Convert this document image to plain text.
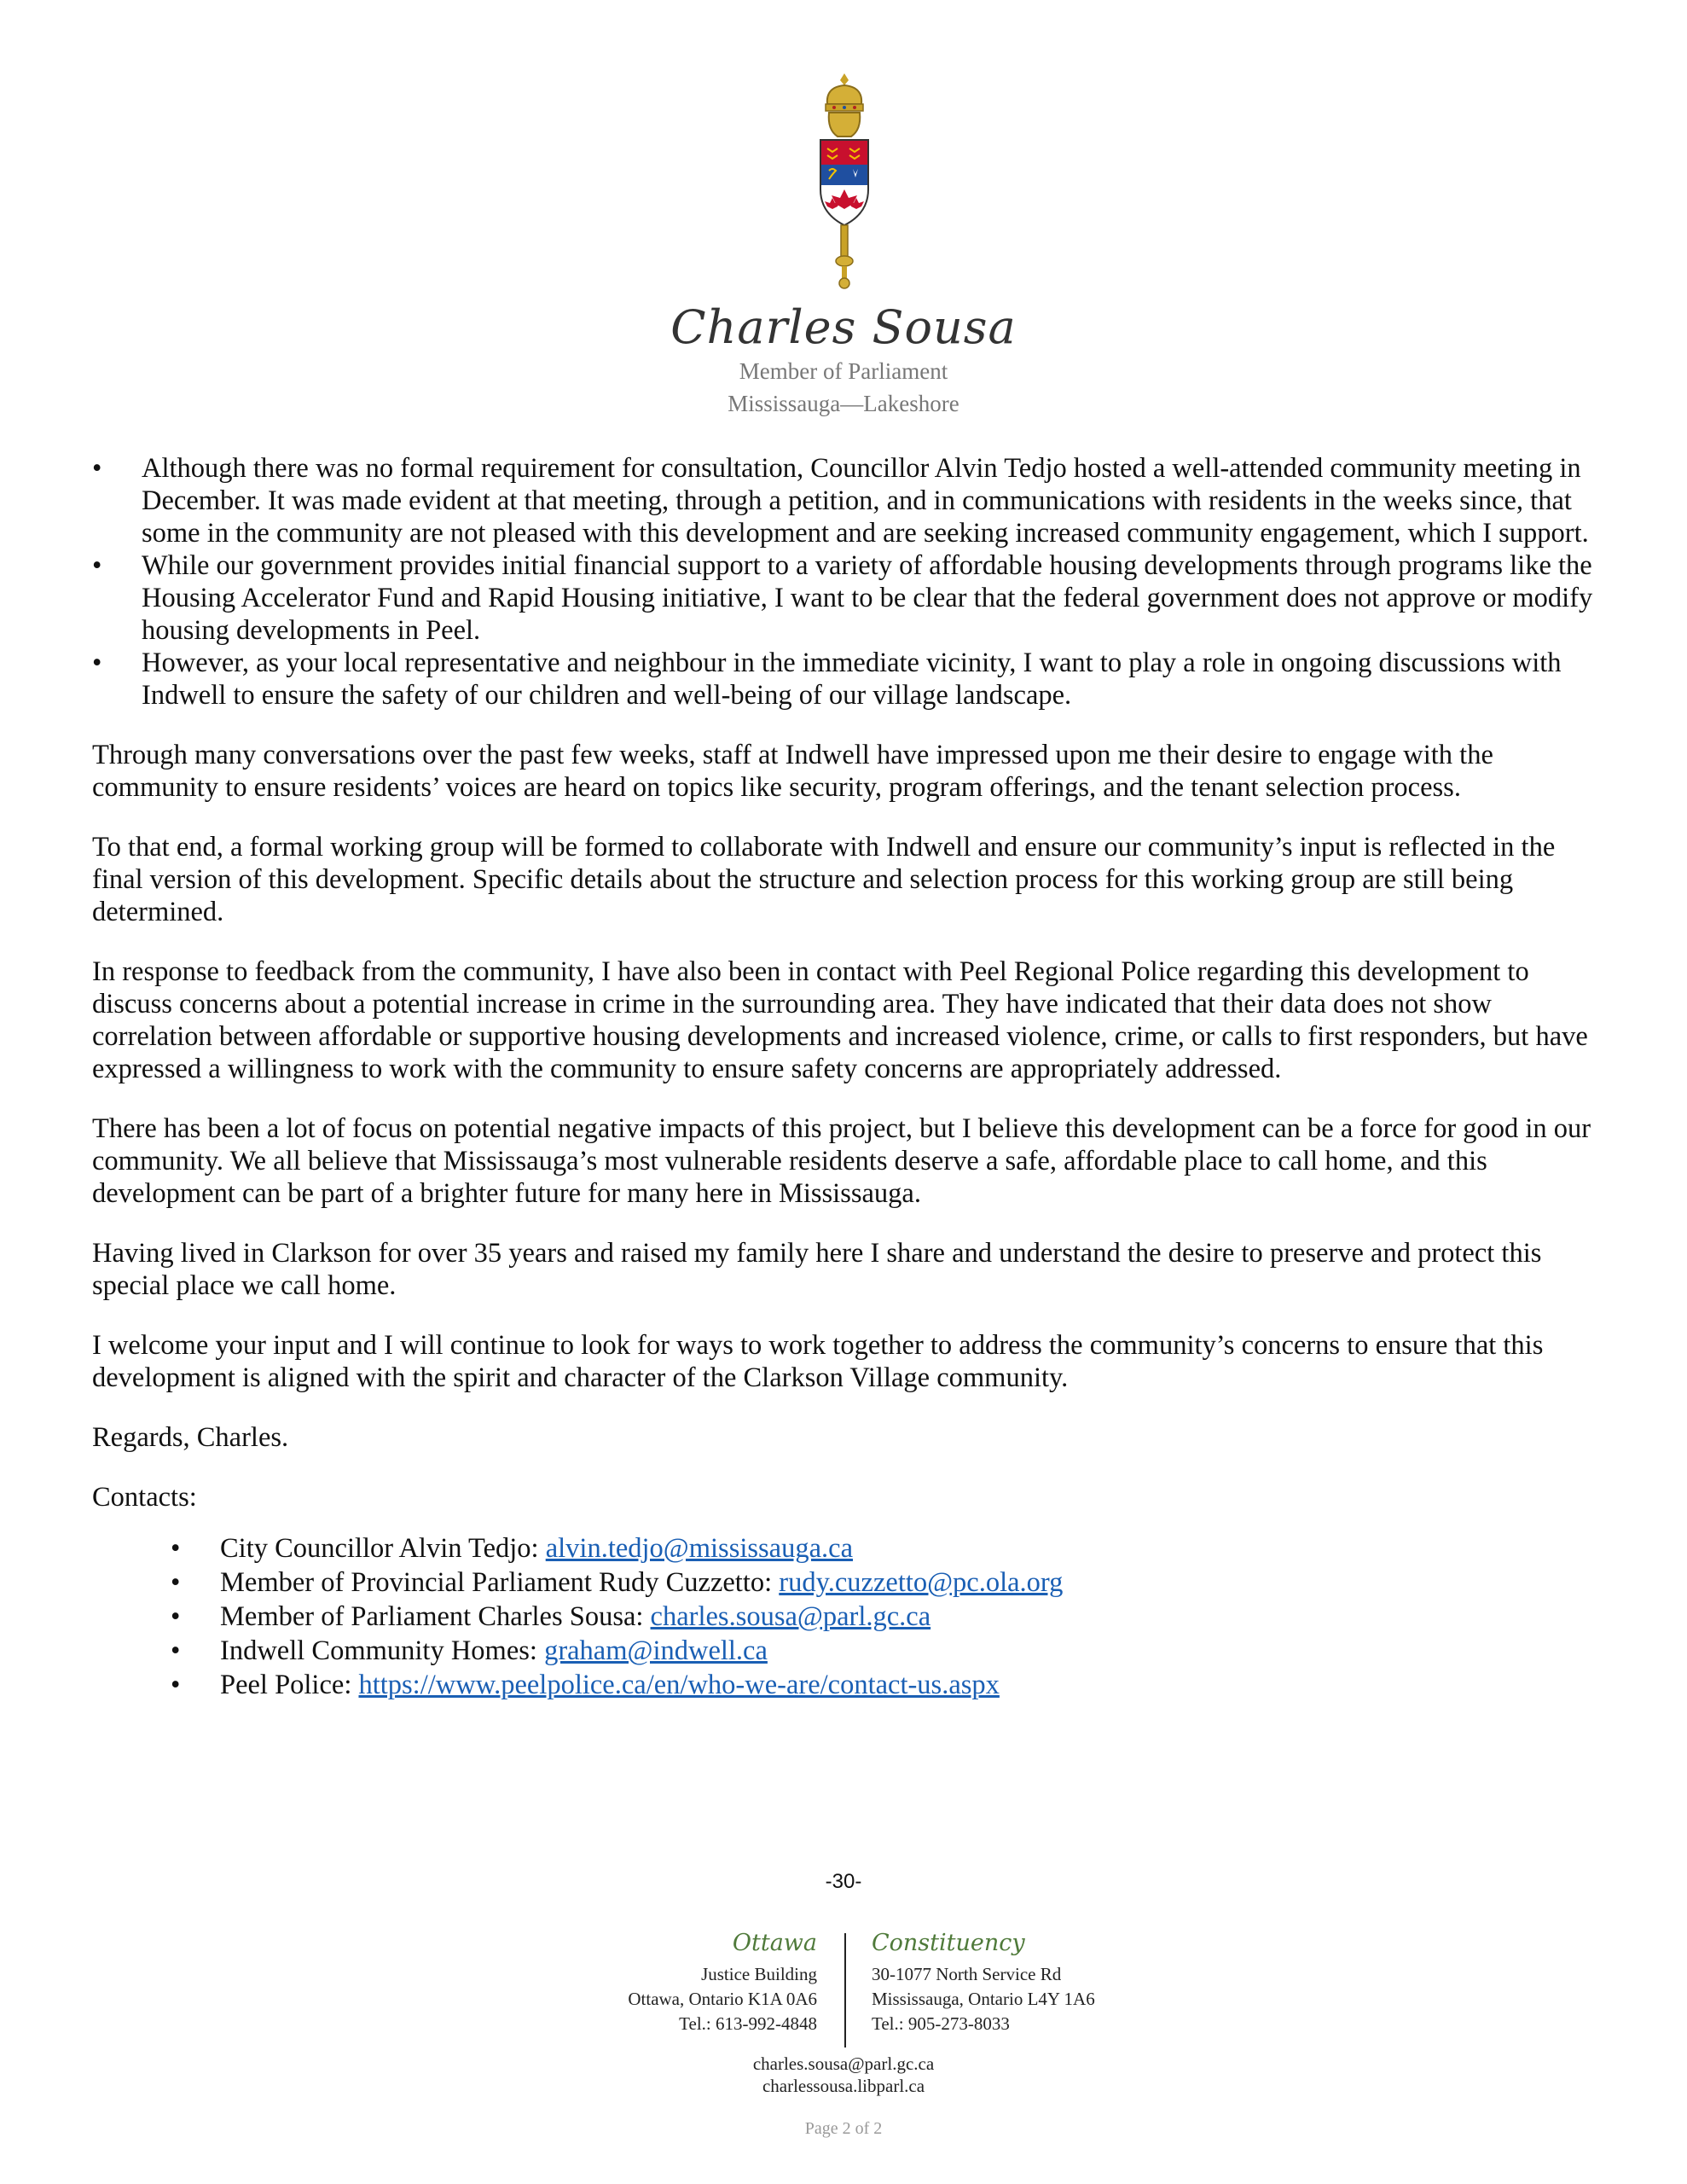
Charles Sousa
Member of Parliament
Mississauga—Lakeshore
• Although there was no formal requirement for consultation, Councillor Alvin Tedjo hosted a well-attended community meeting in December. It was made evident at that meeting, through a petition, and in communications with residents in the weeks since, that some in the community are not pleased with this development and are seeking increased community engagement, which I support.
• While our government provides initial financial support to a variety of affordable housing developments through programs like the Housing Accelerator Fund and Rapid Housing initiative, I want to be clear that the federal government does not approve or modify housing developments in Peel.
• However, as your local representative and neighbour in the immediate vicinity, I want to play a role in ongoing discussions with Indwell to ensure the safety of our children and well-being of our village landscape.

Through many conversations over the past few weeks, staff at Indwell have impressed upon me their desire to engage with the community to ensure residents’ voices are heard on topics like security, program offerings, and the tenant selection process.

To that end, a formal working group will be formed to collaborate with Indwell and ensure our community’s input is reflected in the final version of this development. Specific details about the structure and selection process for this working group are still being determined.

In response to feedback from the community, I have also been in contact with Peel Regional Police regarding this development to discuss concerns about a potential increase in crime in the surrounding area. They have indicated that their data does not show correlation between affordable or supportive housing developments and increased violence, crime, or calls to first responders, but have expressed a willingness to work with the community to ensure safety concerns are appropriately addressed.

There has been a lot of focus on potential negative impacts of this project, but I believe this development can be a force for good in our community. We all believe that Mississauga’s most vulnerable residents deserve a safe, affordable place to call home, and this development can be part of a brighter future for many here in Mississauga.

Having lived in Clarkson for over 35 years and raised my family here I share and understand the desire to preserve and protect this special place we call home.

I welcome your input and I will continue to look for ways to work together to address the community’s concerns to ensure that this development is aligned with the spirit and character of the Clarkson Village community.

Regards, Charles.

Contacts:

• City Councillor Alvin Tedjo: alvin.tedjo@mississauga.ca
• Member of Provincial Parliament Rudy Cuzzetto: rudy.cuzzetto@pc.ola.org
• Member of Parliament Charles Sousa: charles.sousa@parl.gc.ca
• Indwell Community Homes: graham@indwell.ca
• Peel Police: https://www.peelpolice.ca/en/who-we-are/contact-us.aspx
-30-
Ottawa
Justice Building
Ottawa, Ontario K1A 0A6
Tel.: 613-992-4848
Constituency
30-1077 North Service Rd
Mississauga, Ontario L4Y 1A6
Tel.: 905-273-8033
charles.sousa@parl.gc.ca
charlessousa.libparl.ca
Page 2 of 2
